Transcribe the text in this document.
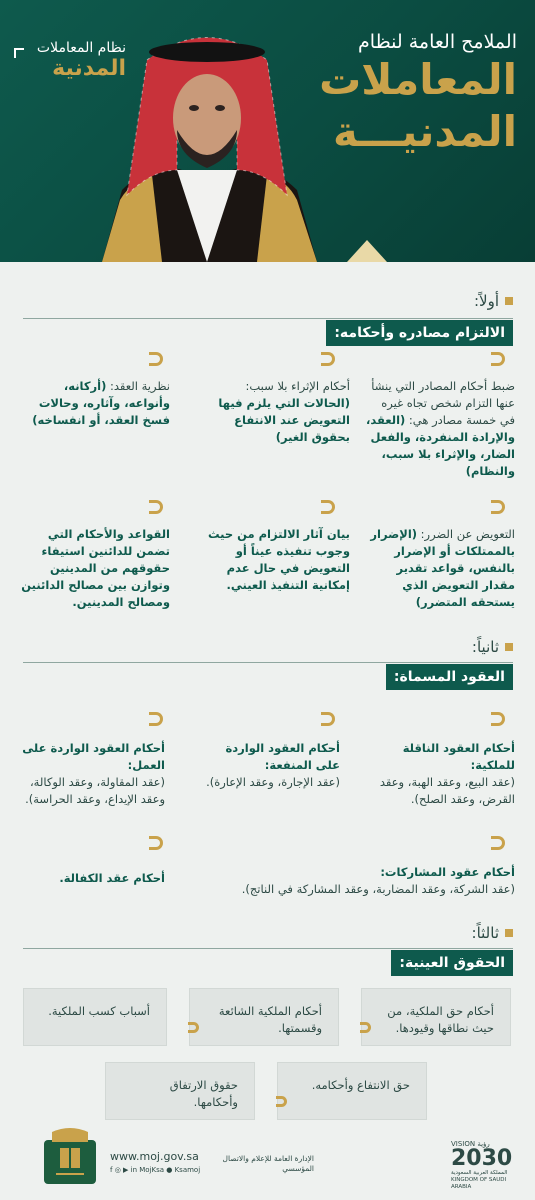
نظام المعاملات
المدنية
الملامح العامة لنظام
المعاملات
المدنيـــة
أولاً:
الالتزام مصادره وأحكامه:
ضبط أحكام المصادر التي ينشأ عنها التزام شخص تجاه غيره في خمسة مصادر هي: (العقد، والإرادة المنفردة، والفعل الضار، والإثراء بلا سبب، والنظام)
أحكام الإثراء بلا سبب: (الحالات التي يلزم فيها التعويض عند الانتفاع بحقوق الغير)
نظرية العقد: (أركانه، وأنواعه، وآثاره، وحالات فسخ العقد، أو انفساخه)
التعويض عن الضرر: (الإضرار بالممتلكات أو الإضرار بالنفس، قواعد تقدير مقدار التعويض الذي يستحقه المتضرر)
بيان آثار الالتزام من حيث وجوب تنفيذه عيناً أو التعويض في حال عدم إمكانية التنفيذ العيني.
القواعد والأحكام التي تضمن للدائنين استيفاء حقوقهم من المدينين وتوازن بين مصالح الدائنين ومصالح المدينين.
ثانياً:
العقود المسماة:
أحكام العقود الناقلة للملكية:
(عقد البيع، وعقد الهبة، وعقد القرض، وعقد الصلح).
أحكام العقود الواردة على المنفعة:
(عقد الإجارة، وعقد الإعارة).
أحكام العقود الواردة على العمل:
(عقد المقاولة، وعقد الوكالة، وعقد الإيداع، وعقد الحراسة).
أحكام عقود المشاركات:
(عقد الشركة، وعقد المضاربة، وعقد المشاركة في الناتج).
أحكام عقد الكفالة.
ثالثاً:
الحقوق العينية:
أحكام حق الملكية، من حيث نطاقها وقيودها.
أحكام الملكية الشائعة وقسمتها.
أسباب كسب الملكية.
حق الانتفاع وأحكامه.
حقوق الارتفاق وأحكامها.
www.moj.gov.sa
f ◎ ▶ in MojKsa ● Ksamoj
الإدارة العامة للإعلام والاتصال المؤسسي
VISION رؤية
2030
المملكة العربية السعودية KINGDOM OF SAUDI ARABIA
